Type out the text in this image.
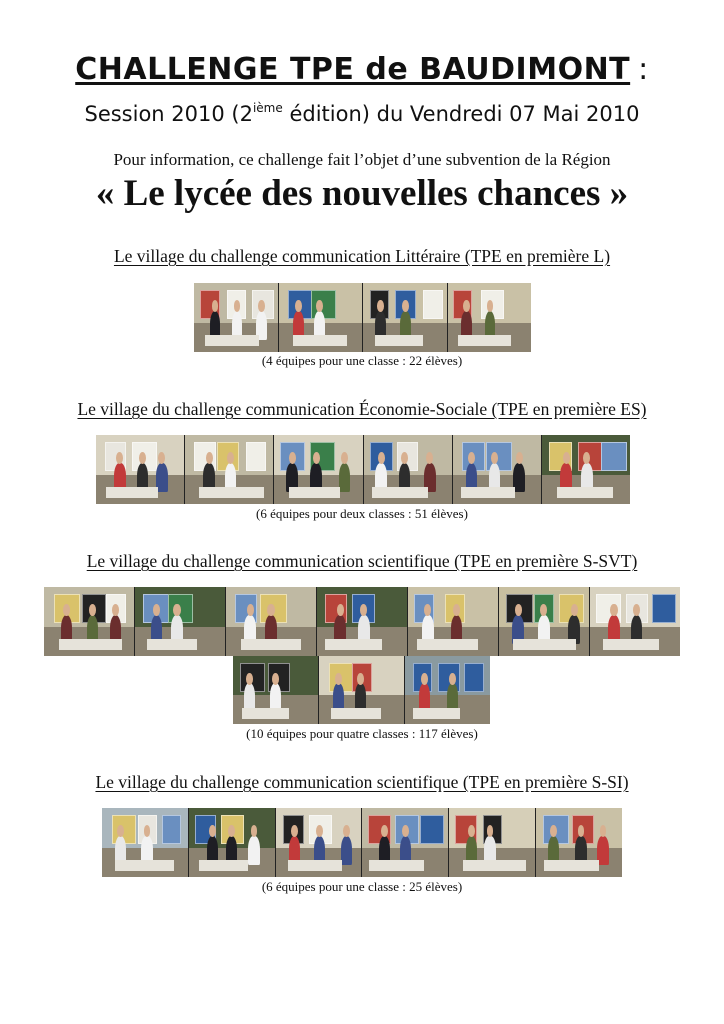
CHALLENGE TPE de BAUDIMONT :
Session 2010 (2ième édition) du Vendredi 07 Mai 2010
Pour information, ce challenge fait l’objet d’une subvention de la Région
« Le lycée des nouvelles chances »
Le village du challenge communication Littéraire (TPE en première L)
(4 équipes pour une classe : 22 élèves)
Le village du challenge communication Économie-Sociale (TPE en première ES)
(6 équipes pour deux classes : 51 élèves)
Le village du challenge communication scientifique (TPE en première S-SVT)
(10 équipes pour quatre classes : 117 élèves)
Le village du challenge communication scientifique (TPE en première S-SI)
(6 équipes pour une classe : 25 élèves)
